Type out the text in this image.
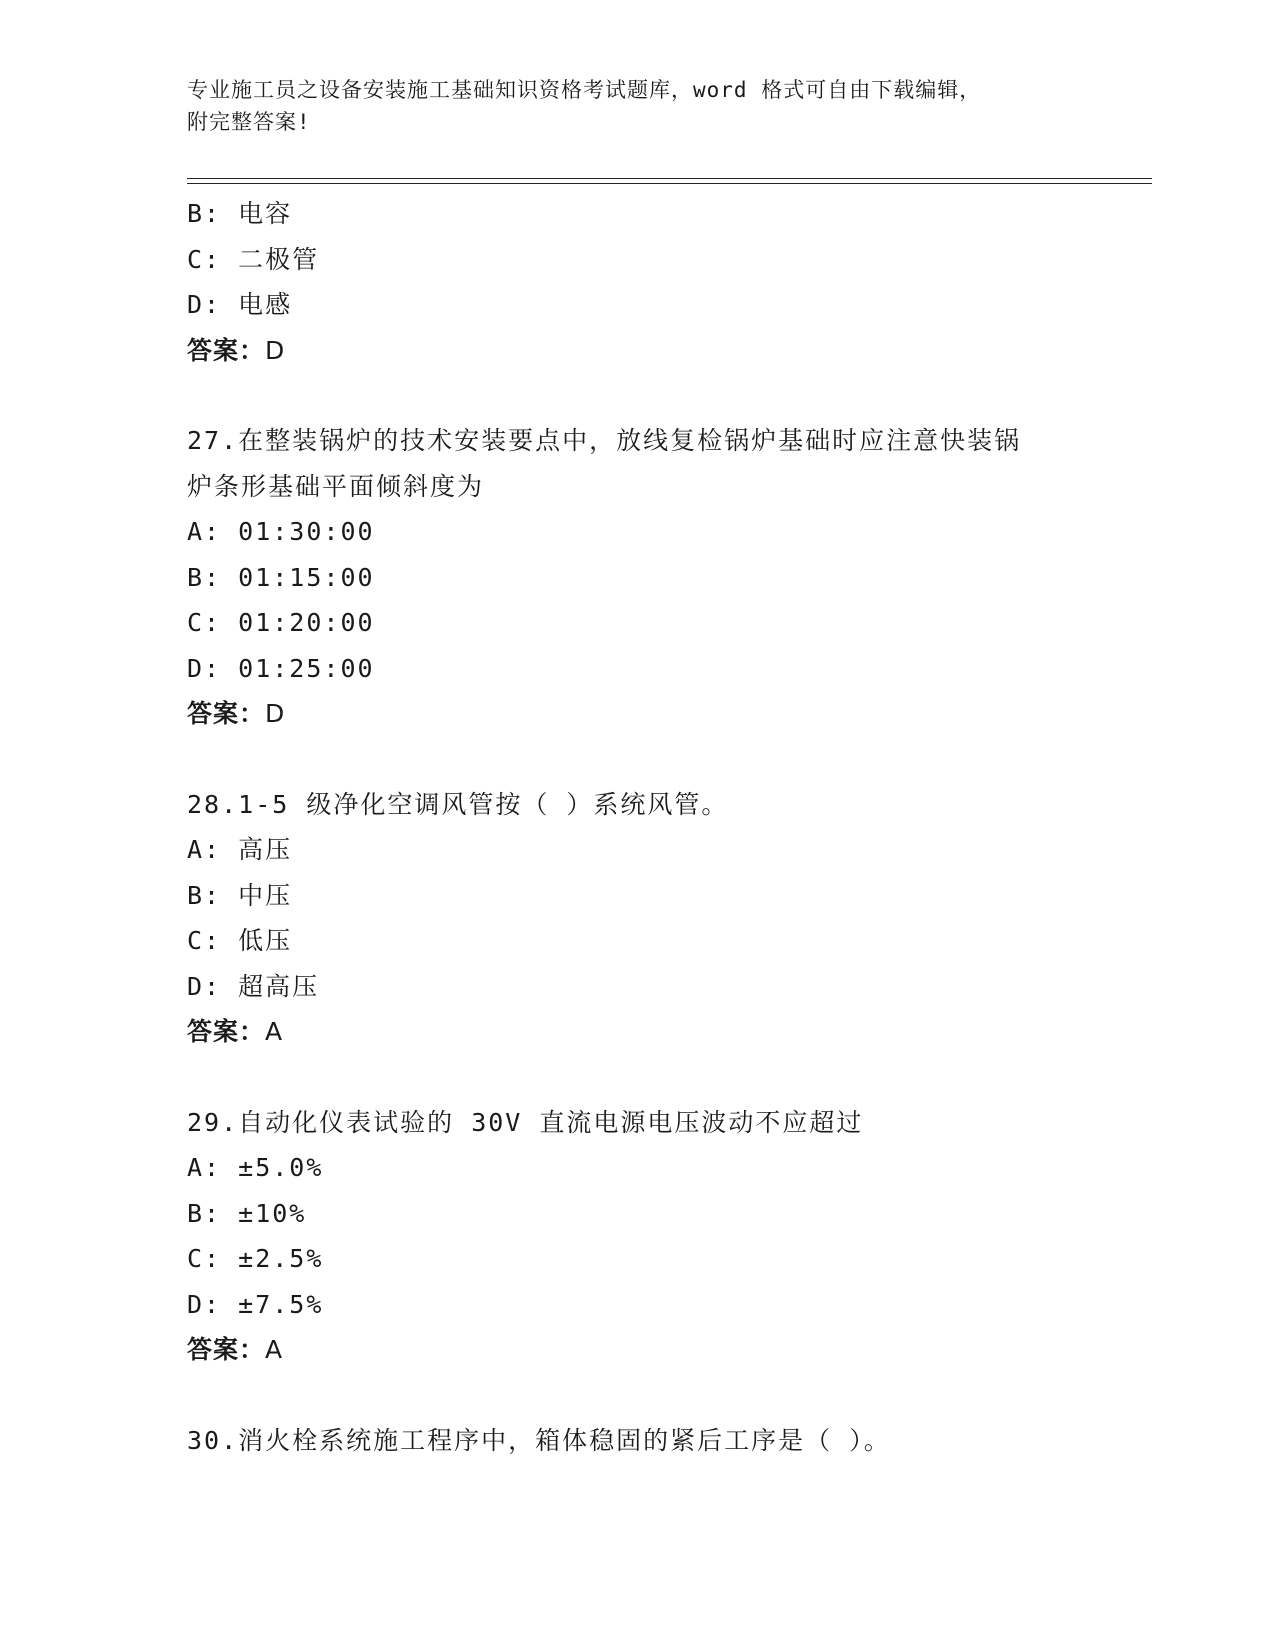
专业施工员之设备安装施工基础知识资格考试题库，word 格式可自由下载编辑，
附完整答案!
B: 电容
C: 二极管
D: 电感
答案：D
27.在整装锅炉的技术安装要点中，放线复检锅炉基础时应注意快装锅
炉条形基础平面倾斜度为
A: 01:30:00
B: 01:15:00
C: 01:20:00
D: 01:25:00
答案：D
28.1-5 级净化空调风管按（ ）系统风管。
A: 高压
B: 中压
C: 低压
D: 超高压
答案：A
29.自动化仪表试验的 30V 直流电源电压波动不应超过
A: ±5.0%
B: ±10%
C: ±2.5%
D: ±7.5%
答案：A
30.消火栓系统施工程序中，箱体稳固的紧后工序是（ ）。
